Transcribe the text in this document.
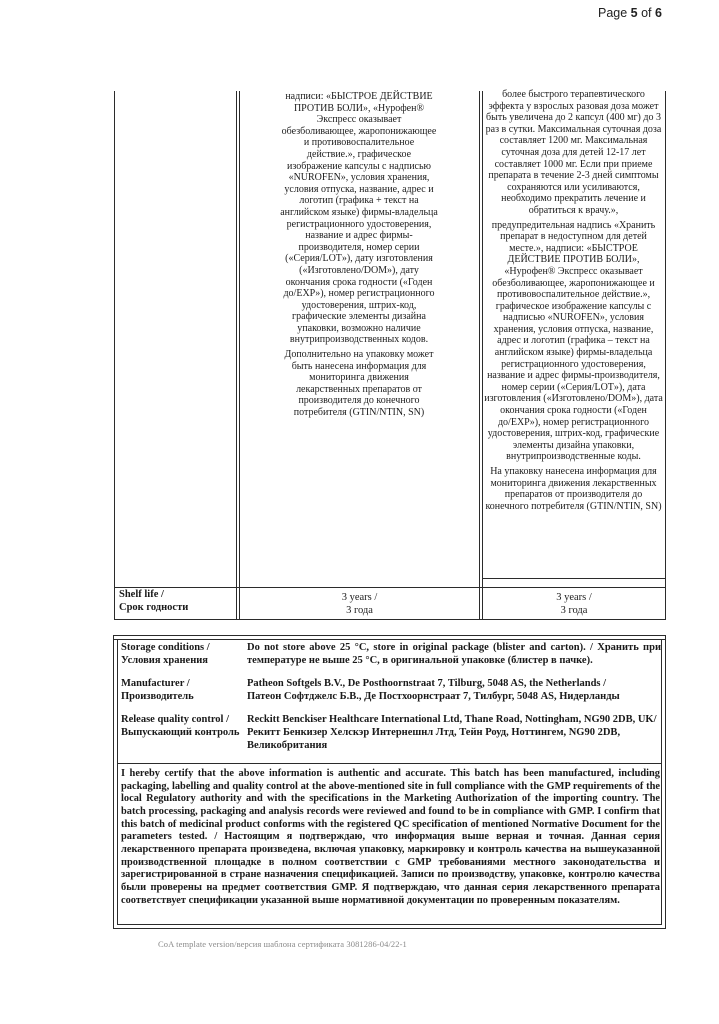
Page 5 of 6

надписи: «БЫСТРОЕ ДЕЙСТВИЕ ПРОТИВ БОЛИ», «Нурофен® Экспресс оказывает обезболивающее, жаропонижающее и противовоспалительное действие.», графическое изображение капсулы с надписью «NUROFEN», условия хранения, условия отпуска, название, адрес и логотип (графика + текст на английском языке) фирмы-владельца регистрационного удостоверения, название и адрес фирмы-производителя, номер серии («Серия/LOT»), дату изготовления («Изготовлено/DOM»), дату окончания срока годности («Годен до/EXP»), номер регистрационного удостоверения, штрих-код, графические элементы дизайна упаковки, возможно наличие внутрипроизводственных кодов.

Дополнительно на упаковку может быть нанесена информация для мониторинга движения лекарственных препаратов от производителя до конечного потребителя (GTIN/NTIN, SN)

более быстрого терапевтического эффекта у взрослых разовая доза может быть увеличена до 2 капсул (400 мг) до 3 раз в сутки. Максимальная суточная доза составляет 1200 мг. Максимальная суточная доза для детей 12-17 лет составляет 1000 мг. Если при приеме препарата в течение 2-3 дней симптомы сохраняются или усиливаются, необходимо прекратить лечение и обратиться к врачу.»,

предупредительная надпись «Хранить препарат в недоступном для детей месте.», надписи: «БЫСТРОЕ ДЕЙСТВИЕ ПРОТИВ БОЛИ», «Нурофен® Экспресс оказывает обезболивающее, жаропонижающее и противовоспалительное действие.», графическое изображение капсулы с надписью «NUROFEN», условия хранения, условия отпуска, название, адрес и логотип (графика – текст на английском языке) фирмы-владельца регистрационного удостоверения, название и адрес фирмы-производителя, номер серии («Серия/LOT»), дата изготовления («Изготовлено/DOM»), дата окончания срока годности («Годен до/EXP»), номер регистрационного удостоверения, штрих-код, графические элементы дизайна упаковки, внутрипроизводственные коды.

На упаковку нанесена информация для мониторинга движения лекарственных препаратов от производителя до конечного потребителя (GTIN/NTIN, SN)

Shelf life /
Срок годности
3 years /
3 года
3 years /
3 года
Storage conditions / Условия хранения
Do not store above 25 °C, store in original package (blister and carton). / Хранить при температуре не выше 25 °C, в оригинальной упаковке (блистер в пачке).
Manufacturer / Производитель
Patheon Softgels B.V., De Posthoornstraat 7, Tilburg, 5048 AS, the Netherlands /
Патеон Софтджелс Б.В., Де Постхоорнстраат 7, Тилбург, 5048 AS, Нидерланды
Release quality control / Выпускающий контроль
Reckitt Benckiser Healthcare International Ltd, Thane Road, Nottingham, NG90 2DB, UK/ Рекитт Бенкизер Хелскэр Интернешнл Лтд, Тейн Роуд, Ноттингем, NG90 2DB, Великобритания
I hereby certify that the above information is authentic and accurate. This batch has been manufactured, including packaging, labelling and quality control at the above-mentioned site in full compliance with the GMP requirements of the local Regulatory authority and with the specifications in the Marketing Authorization of the importing country. The batch processing, packaging and analysis records were reviewed and found to be in compliance with GMP. I confirm that this batch of medicinal product conforms with the registered QC specification of mentioned Normative Document for the parameters tested. / Настоящим я подтверждаю, что информация выше верная и точная. Данная серия лекарственного препарата произведена, включая упаковку, маркировку и контроль качества на вышеуказанной производственной площадке в полном соответствии с GMP требованиями местного законодательства и зарегистрированной в стране назначения спецификацией. Записи по производству, упаковке, контролю качества были проверены на предмет соответствия GMP. Я подтверждаю, что данная серия лекарственного препарата соответствует спецификации указанной выше нормативной документации по проверенным показателям.
CoA template version/версия шаблона сертификата 3081286-04/22-1
